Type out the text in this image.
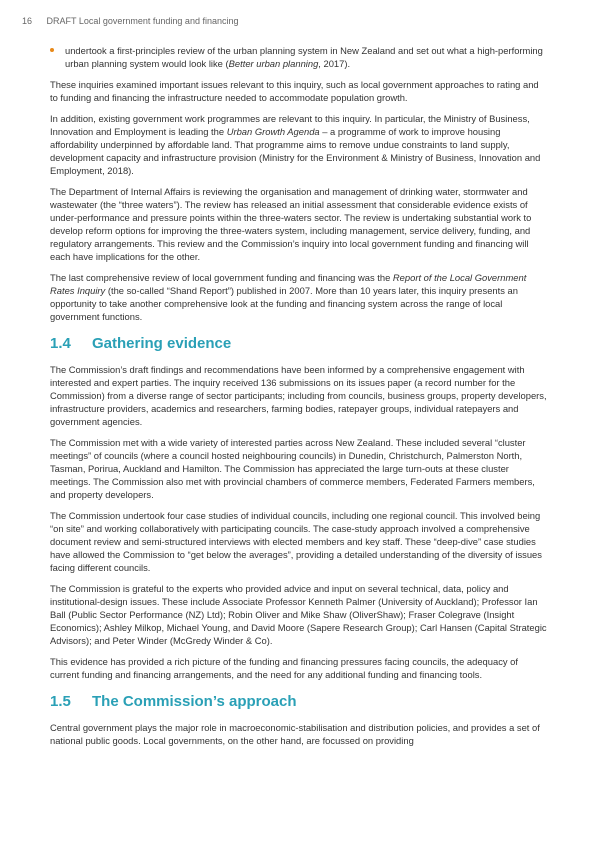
16 DRAFT Local government funding and financing
undertook a first-principles review of the urban planning system in New Zealand and set out what a high-performing urban planning system would look like (Better urban planning, 2017).

These inquiries examined important issues relevant to this inquiry, such as local government approaches to rating and to funding and financing the infrastructure needed to accommodate population growth.

In addition, existing government work programmes are relevant to this inquiry. In particular, the Ministry of Business, Innovation and Employment is leading the Urban Growth Agenda – a programme of work to improve housing affordability underpinned by affordable land. That programme aims to remove undue constraints to land supply, development capacity and infrastructure provision (Ministry for the Environment & Ministry of Business, Innovation and Employment, 2018).

The Department of Internal Affairs is reviewing the organisation and management of drinking water, stormwater and wastewater (the “three waters”). The review has released an initial assessment that considerable evidence exists of under-performance and pressure points within the three-waters sector. The review is undertaking substantial work to develop reform options for improving the three-waters system, including management, service delivery, funding, and regulatory arrangements. This review and the Commission’s inquiry into local government funding and financing will each have implications for the other.

The last comprehensive review of local government funding and financing was the Report of the Local Government Rates Inquiry (the so-called “Shand Report”) published in 2007. More than 10 years later, this inquiry presents an opportunity to take another comprehensive look at the funding and financing system across the range of local government functions.

1.4 Gathering evidence

The Commission’s draft findings and recommendations have been informed by a comprehensive engagement with interested and expert parties. The inquiry received 136 submissions on its issues paper (a record number for the Commission) from a diverse range of sector participants; including from councils, business groups, property developers, infrastructure providers, academics and researchers, farming bodies, ratepayer groups, individual ratepayers and government agencies.

The Commission met with a wide variety of interested parties across New Zealand. These included several “cluster meetings” of councils (where a council hosted neighbouring councils) in Dunedin, Christchurch, Palmerston North, Tasman, Porirua, Auckland and Hamilton. The Commission has appreciated the large turn-outs at these cluster meetings. The Commission also met with provincial chambers of commerce members, Federated Farmers members, and property developers.

The Commission undertook four case studies of individual councils, including one regional council. This involved being “on site” and working collaboratively with participating councils. The case-study approach involved a comprehensive document review and semi-structured interviews with elected members and key staff. These “deep-dive” case studies have allowed the Commission to “get below the averages”, providing a detailed understanding of the diversity of issues facing different councils.

The Commission is grateful to the experts who provided advice and input on several technical, data, policy and institutional-design issues. These include Associate Professor Kenneth Palmer (University of Auckland); Professor Ian Ball (Public Sector Performance (NZ) Ltd); Robin Oliver and Mike Shaw (OliverShaw); Fraser Colegrave (Insight Economics); Ashley Milkop, Michael Young, and David Moore (Sapere Research Group); Carl Hansen (Capital Strategic Advisors); and Peter Winder (McGredy Winder & Co).

This evidence has provided a rich picture of the funding and financing pressures facing councils, the adequacy of current funding and financing arrangements, and the need for any additional funding and financing tools.

1.5 The Commission’s approach

Central government plays the major role in macroeconomic-stabilisation and distribution policies, and provides a set of national public goods. Local governments, on the other hand, are focussed on providing
